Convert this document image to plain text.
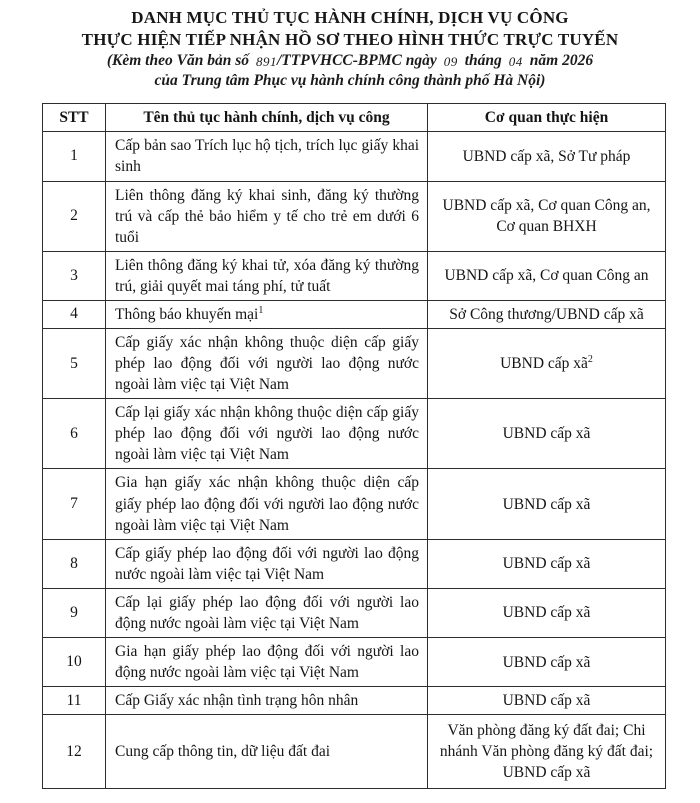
DANH MỤC THỦ TỤC HÀNH CHÍNH, DỊCH VỤ CÔNG
THỰC HIỆN TIẾP NHẬN HỒ SƠ THEO HÌNH THỨC TRỰC TUYẾN
(Kèm theo Văn bản số 891/TTPVHCC-BPMC ngày 09 tháng 04 năm 2026
của Trung tâm Phục vụ hành chính công thành phố Hà Nội)
STT	Tên thủ tục hành chính, dịch vụ công	Cơ quan thực hiện
1	Cấp bản sao Trích lục hộ tịch, trích lục giấy khai sinh	UBND cấp xã, Sở Tư pháp
2	Liên thông đăng ký khai sinh, đăng ký thường trú và cấp thẻ bảo hiểm y tế cho trẻ em dưới 6 tuổi	UBND cấp xã, Cơ quan Công an, Cơ quan BHXH
3	Liên thông đăng ký khai tử, xóa đăng ký thường trú, giải quyết mai táng phí, tử tuất	UBND cấp xã, Cơ quan Công an
4	Thông báo khuyến mại$^1$	Sở Công thương/UBND cấp xã
5	Cấp giấy xác nhận không thuộc diện cấp giấy phép lao động đối với người lao động nước ngoài làm việc tại Việt Nam	UBND cấp $xã^2$
6	Cấp lại giấy xác nhận không thuộc diện cấp giấy phép lao động đối với người lao động nước ngoài làm việc tại Việt Nam	UBND cấp xã
7	Gia hạn giấy xác nhận không thuộc diện cấp giấy phép lao động đối với người lao động nước ngoài làm việc tại Việt Nam	UBND cấp xã
8	Cấp giấy phép lao động đối với người lao động nước ngoài làm việc tại Việt Nam	UBND cấp xã
9	Cấp lại giấy phép lao động đối với người lao động nước ngoài làm việc tại Việt Nam	UBND cấp xã
10	Gia hạn giấy phép lao động đối với người lao động nước ngoài làm việc tại Việt Nam	UBND cấp xã
11	Cấp Giấy xác nhận tình trạng hôn nhân	UBND cấp xã
12	Cung cấp thông tin, dữ liệu đất đai	Văn phòng đăng ký đất đai; Chi nhánh Văn phòng đăng ký đất đai; UBND cấp xã
